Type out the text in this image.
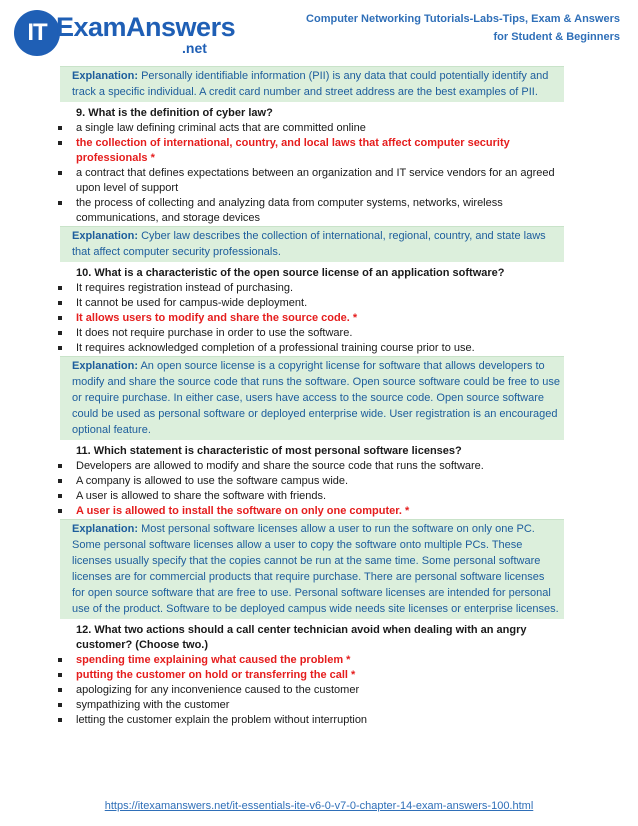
IT ExamAnswers
.net
Computer Networking Tutorials-Labs-Tips, Exam & Answers
for Student & Beginners
Explanation: Personally identifiable information (PII) is any data that could potentially identify and track a specific individual. A credit card number and street address are the best examples of PII.
9. What is the definition of cyber law?
a single law defining criminal acts that are committed online
the collection of international, country, and local laws that affect computer security professionals *
a contract that defines expectations between an organization and IT service vendors for an agreed upon level of support
the process of collecting and analyzing data from computer systems, networks, wireless communications, and storage devices
Explanation: Cyber law describes the collection of international, regional, country, and state laws that affect computer security professionals.
10. What is a characteristic of the open source license of an application software?
It requires registration instead of purchasing.
It cannot be used for campus-wide deployment.
It allows users to modify and share the source code. *
It does not require purchase in order to use the software.
It requires acknowledged completion of a professional training course prior to use.
Explanation: An open source license is a copyright license for software that allows developers to modify and share the source code that runs the software. Open source software could be free to use or require purchase. In either case, users have access to the source code. Open source software could be used as personal software or deployed enterprise wide. User registration is an encouraged optional feature.
11. Which statement is characteristic of most personal software licenses?
Developers are allowed to modify and share the source code that runs the software.
A company is allowed to use the software campus wide.
A user is allowed to share the software with friends.
A user is allowed to install the software on only one computer. *
Explanation: Most personal software licenses allow a user to run the software on only one PC. Some personal software licenses allow a user to copy the software onto multiple PCs. These licenses usually specify that the copies cannot be run at the same time. Some personal software licenses are for commercial products that require purchase. There are personal software licenses for open source software that are free to use. Personal software licenses are intended for personal use of the product. Software to be deployed campus wide needs site licenses or enterprise licenses.
12. What two actions should a call center technician avoid when dealing with an angry customer? (Choose two.)
spending time explaining what caused the problem *
putting the customer on hold or transferring the call *
apologizing for any inconvenience caused to the customer
sympathizing with the customer
letting the customer explain the problem without interruption
https://itexamanswers.net/it-essentials-ite-v6-0-v7-0-chapter-14-exam-answers-100.html
